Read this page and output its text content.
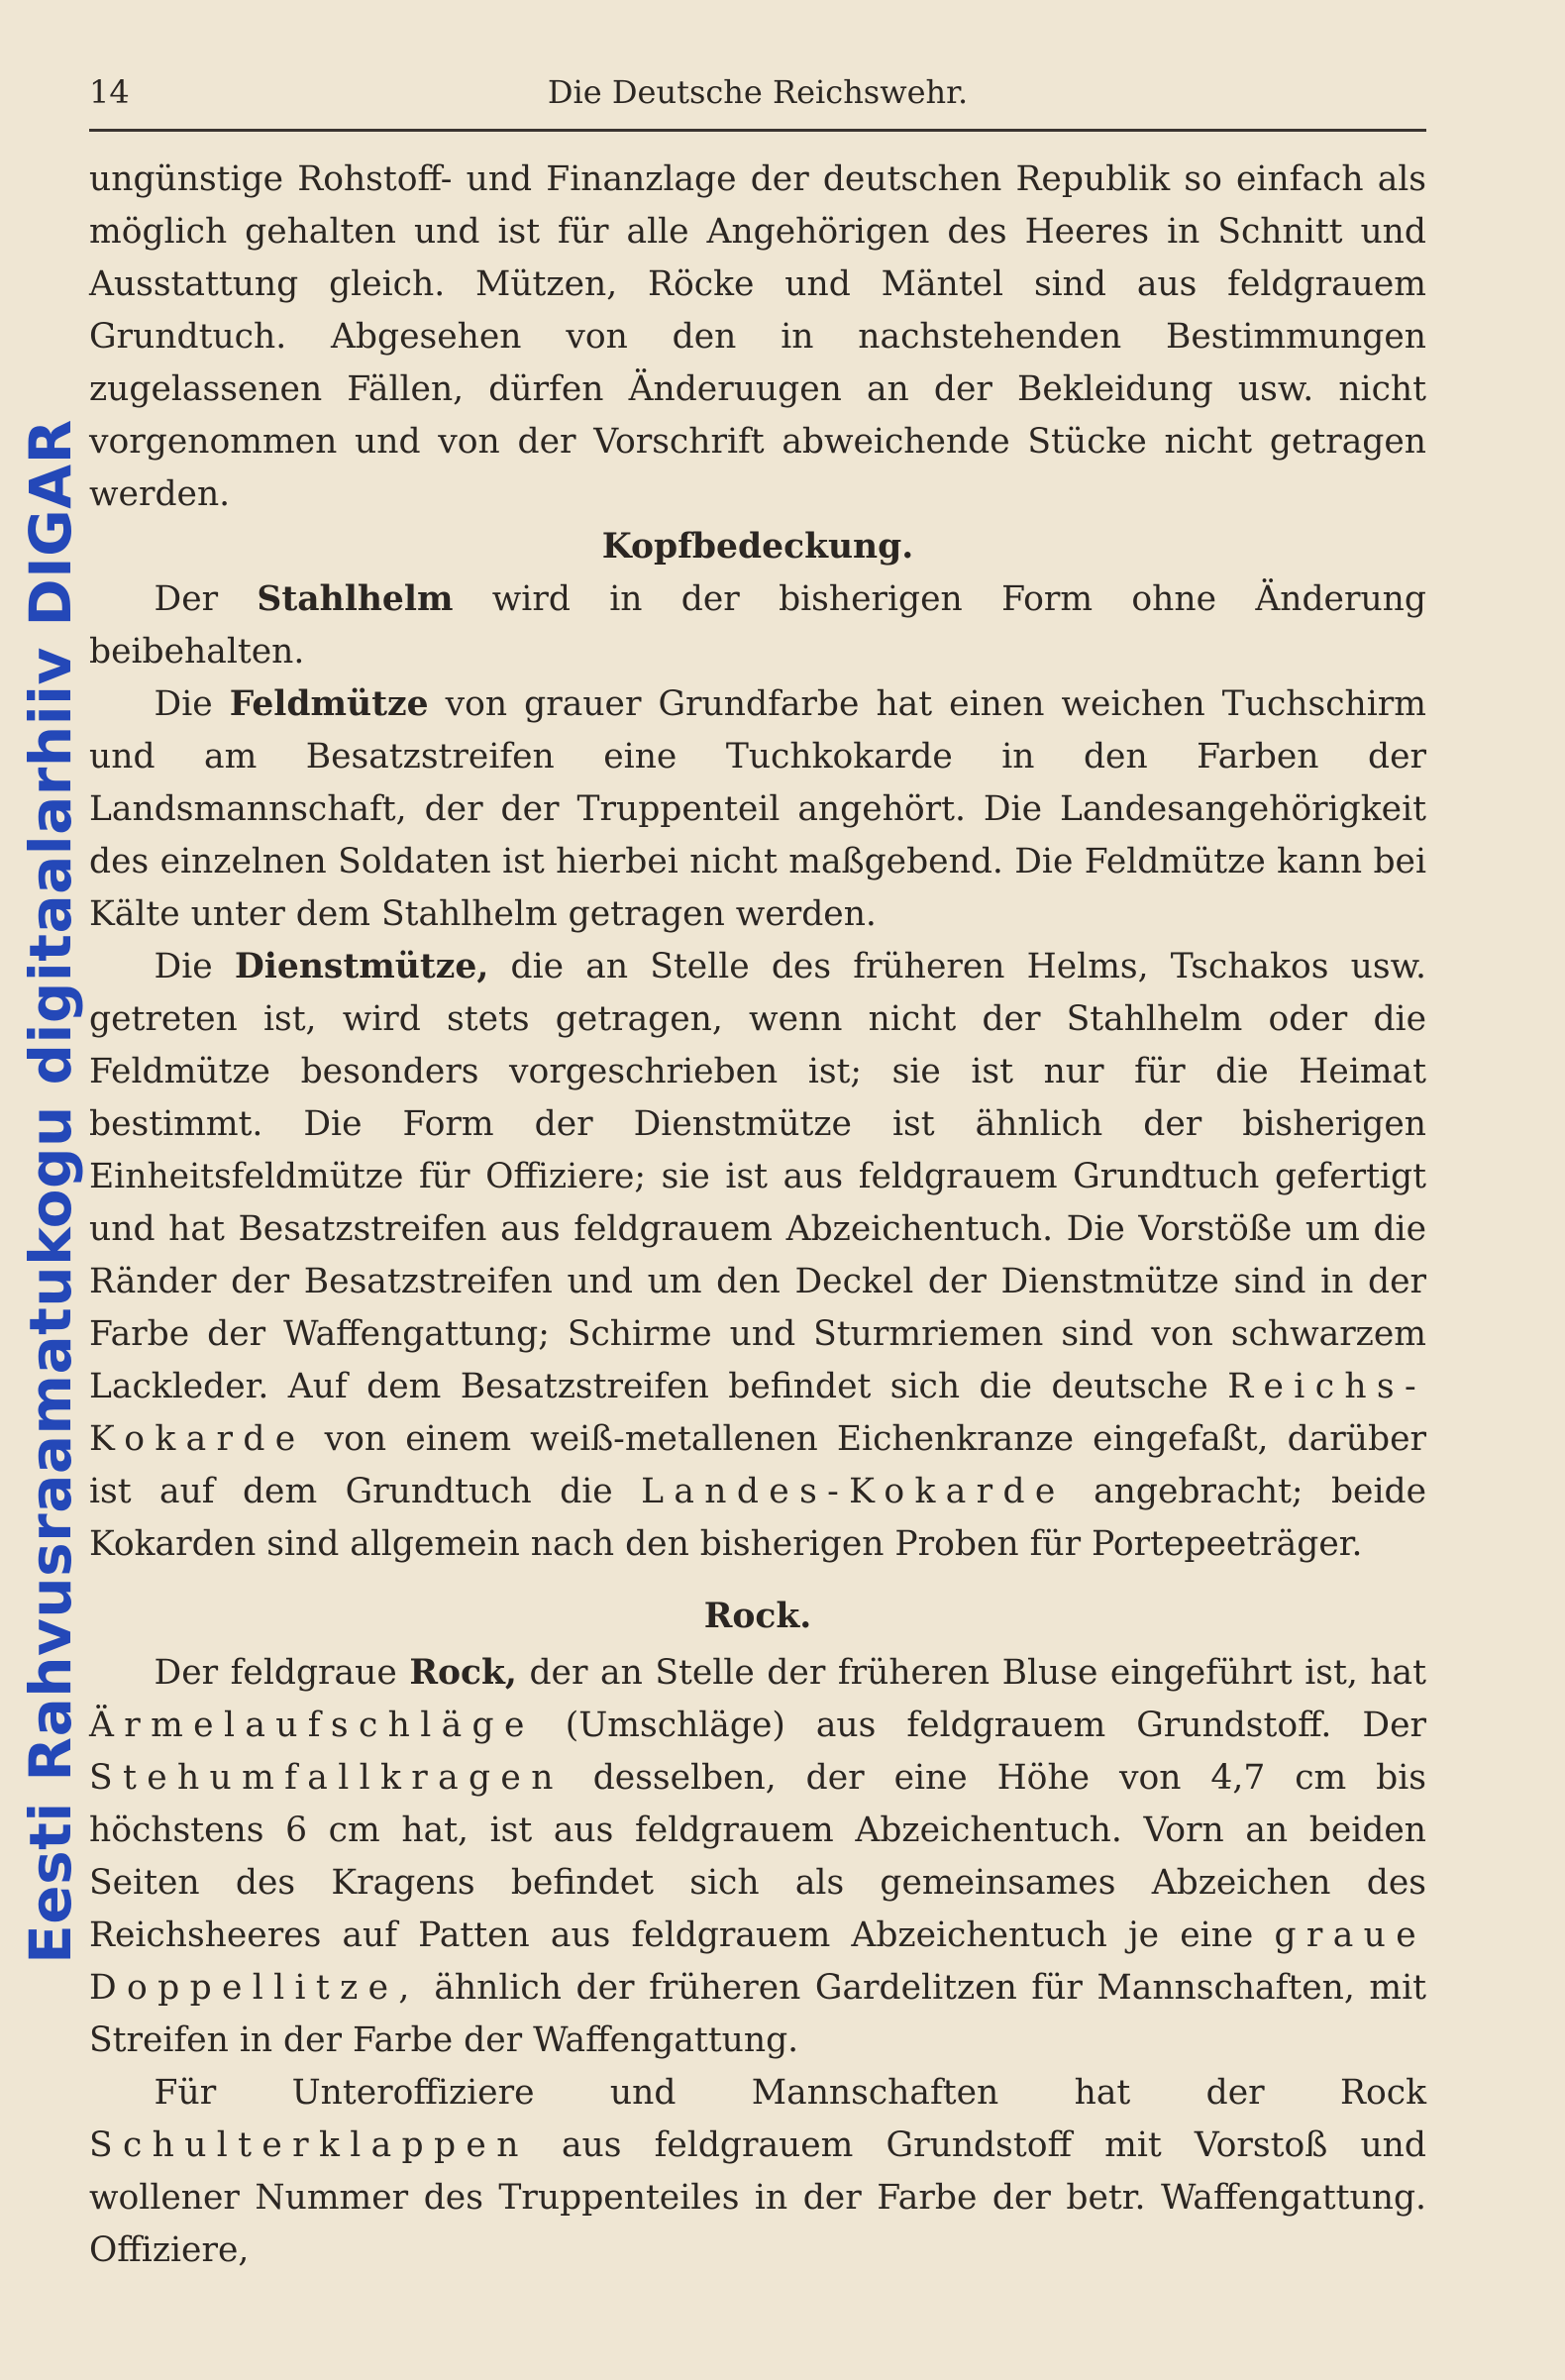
Eesti Rahvusraamatukogu digitaalarhiiv DIGAR
14	Die Deutsche Reichswehr.

ungünstige Rohstoff- und Finanzlage der deutschen Republik so einfach als möglich gehalten und ist für alle Angehörigen des Heeres in Schnitt und Ausstattung gleich. Mützen, Röcke und Mäntel sind aus feldgrauem Grundtuch. Abgesehen von den in nachstehenden Bestimmungen zugelassenen Fällen, dürfen Änderuugen an der Bekleidung usw. nicht vorgenommen und von der Vorschrift abweichende Stücke nicht getragen werden.

Kopfbedeckung.

Der Stahlhelm wird in der bisherigen Form ohne Änderung beibehalten.

Die Feldmütze von grauer Grundfarbe hat einen weichen Tuchschirm und am Besatzstreifen eine Tuchkokarde in den Farben der Landsmannschaft, der der Truppenteil angehört. Die Landesangehörigkeit des einzelnen Soldaten ist hierbei nicht maßgebend. Die Feldmütze kann bei Kälte unter dem Stahlhelm getragen werden.

Die Dienstmütze, die an Stelle des früheren Helms, Tschakos usw. getreten ist, wird stets getragen, wenn nicht der Stahlhelm oder die Feldmütze besonders vorgeschrieben ist; sie ist nur für die Heimat bestimmt. Die Form der Dienstmütze ist ähnlich der bisherigen Einheitsfeldmütze für Offiziere; sie ist aus feldgrauem Grundtuch gefertigt und hat Besatzstreifen aus feldgrauem Abzeichentuch. Die Vorstöße um die Ränder der Besatzstreifen und um den Deckel der Dienstmütze sind in der Farbe der Waffengattung; Schirme und Sturmriemen sind von schwarzem Lackleder. Auf dem Besatzstreifen befindet sich die deutsche Reichs-Kokarde von einem weiß-metallenen Eichenkranze eingefaßt, darüber ist auf dem Grundtuch die Landes-Kokarde angebracht; beide Kokarden sind allgemein nach den bisherigen Proben für Portepeeträger.

Rock.

Der feldgraue Rock, der an Stelle der früheren Bluse eingeführt ist, hat Ärmelaufschläge (Umschläge) aus feldgrauem Grundstoff. Der Stehumfallkragen desselben, der eine Höhe von 4,7 cm bis höchstens 6 cm hat, ist aus feldgrauem Abzeichentuch. Vorn an beiden Seiten des Kragens befindet sich als gemeinsames Abzeichen des Reichsheeres auf Patten aus feldgrauem Abzeichentuch je eine graue Doppellitze, ähnlich der früheren Gardelitzen für Mannschaften, mit Streifen in der Farbe der Waffengattung.

Für Unteroffiziere und Mannschaften hat der Rock Schulterklappen aus feldgrauem Grundstoff mit Vorstoß und wollener Nummer des Truppenteiles in der Farbe der betr. Waffengattung. Offiziere,
